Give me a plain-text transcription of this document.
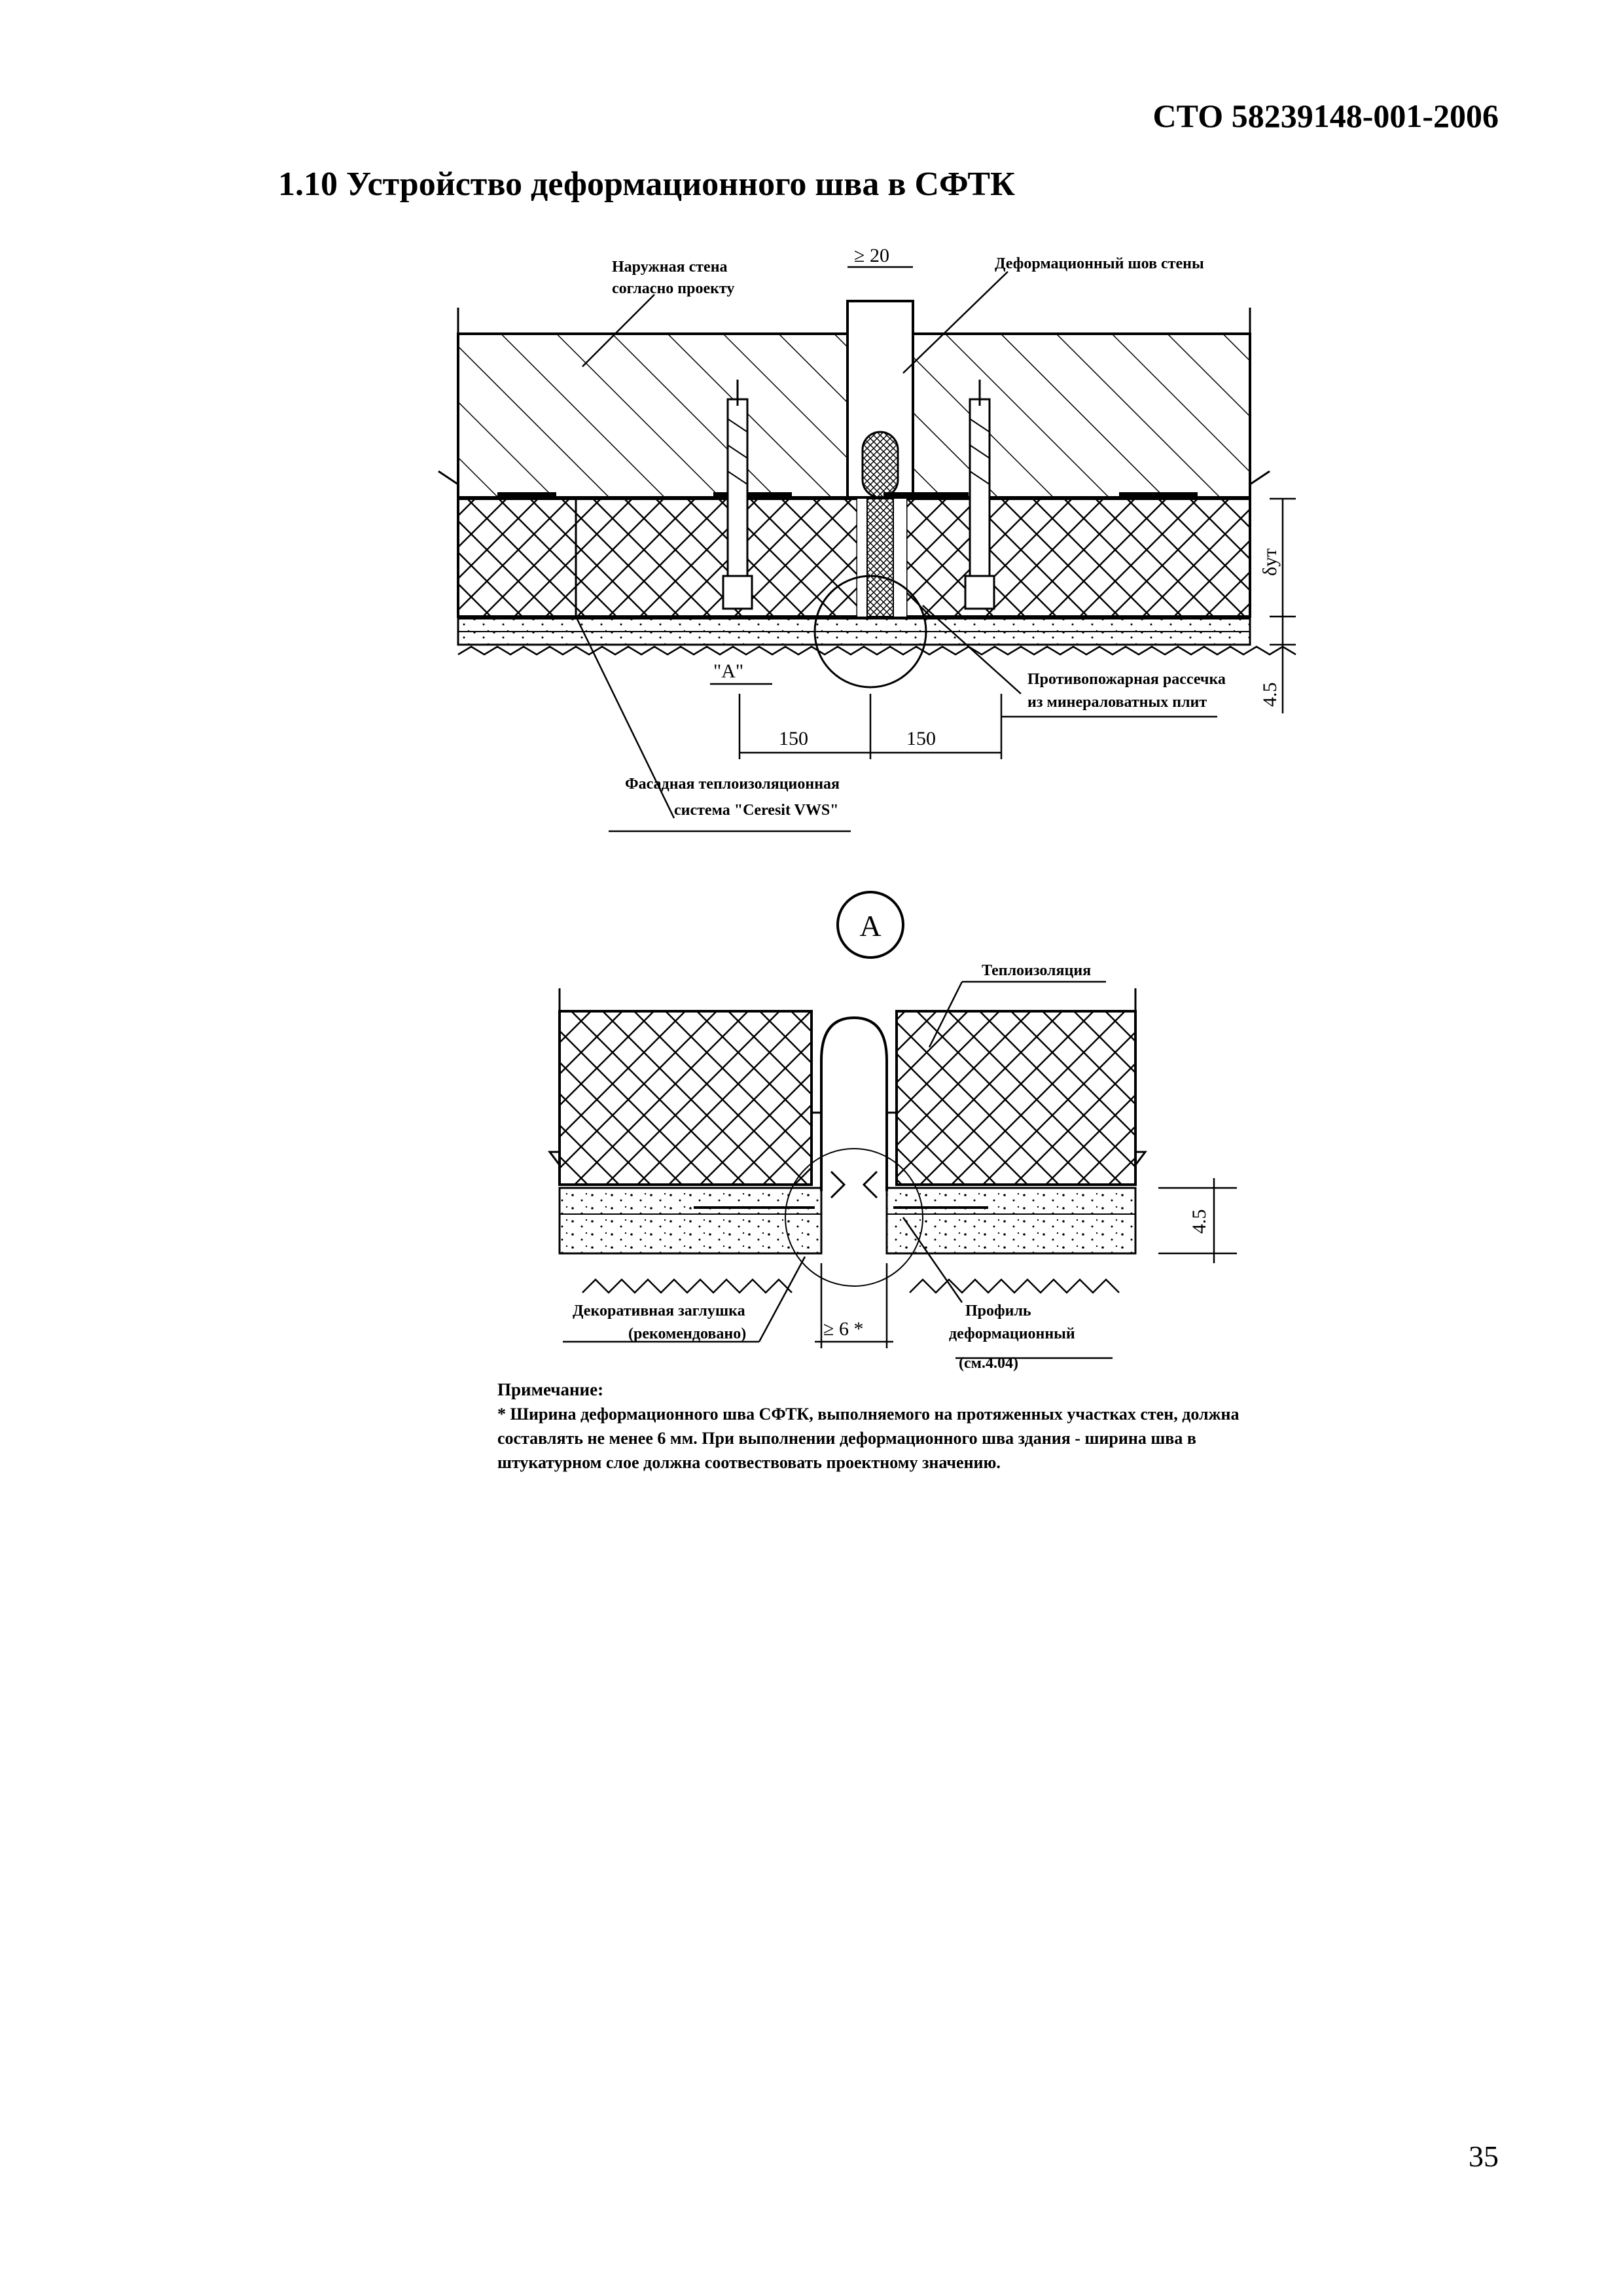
СТО 58239148-001-2006
1.10 Устройство деформационного шва в СФТК
Наружная стена
согласно проекту
≥ 20	Деформационный шов стены
δут
4.5
"А"	Противопожарная рассечка
из минераловатных плит
150	150
Фасадная теплоизоляционная
система "Ceresit VWS"
А
Теплоизоляция
4.5
≥ 6 *
Декоративная заглушка
(рекомендовано)
Профиль
деформационный
(см.4.04)
Примечание:
* Ширина деформационного шва СФТК, выполняемого на протяженных участках стен, должна составлять не менее 6 мм. При выполнении деформационного шва здания - ширина шва в штукатурном слое должна соотвествовать проектному значению.
35
